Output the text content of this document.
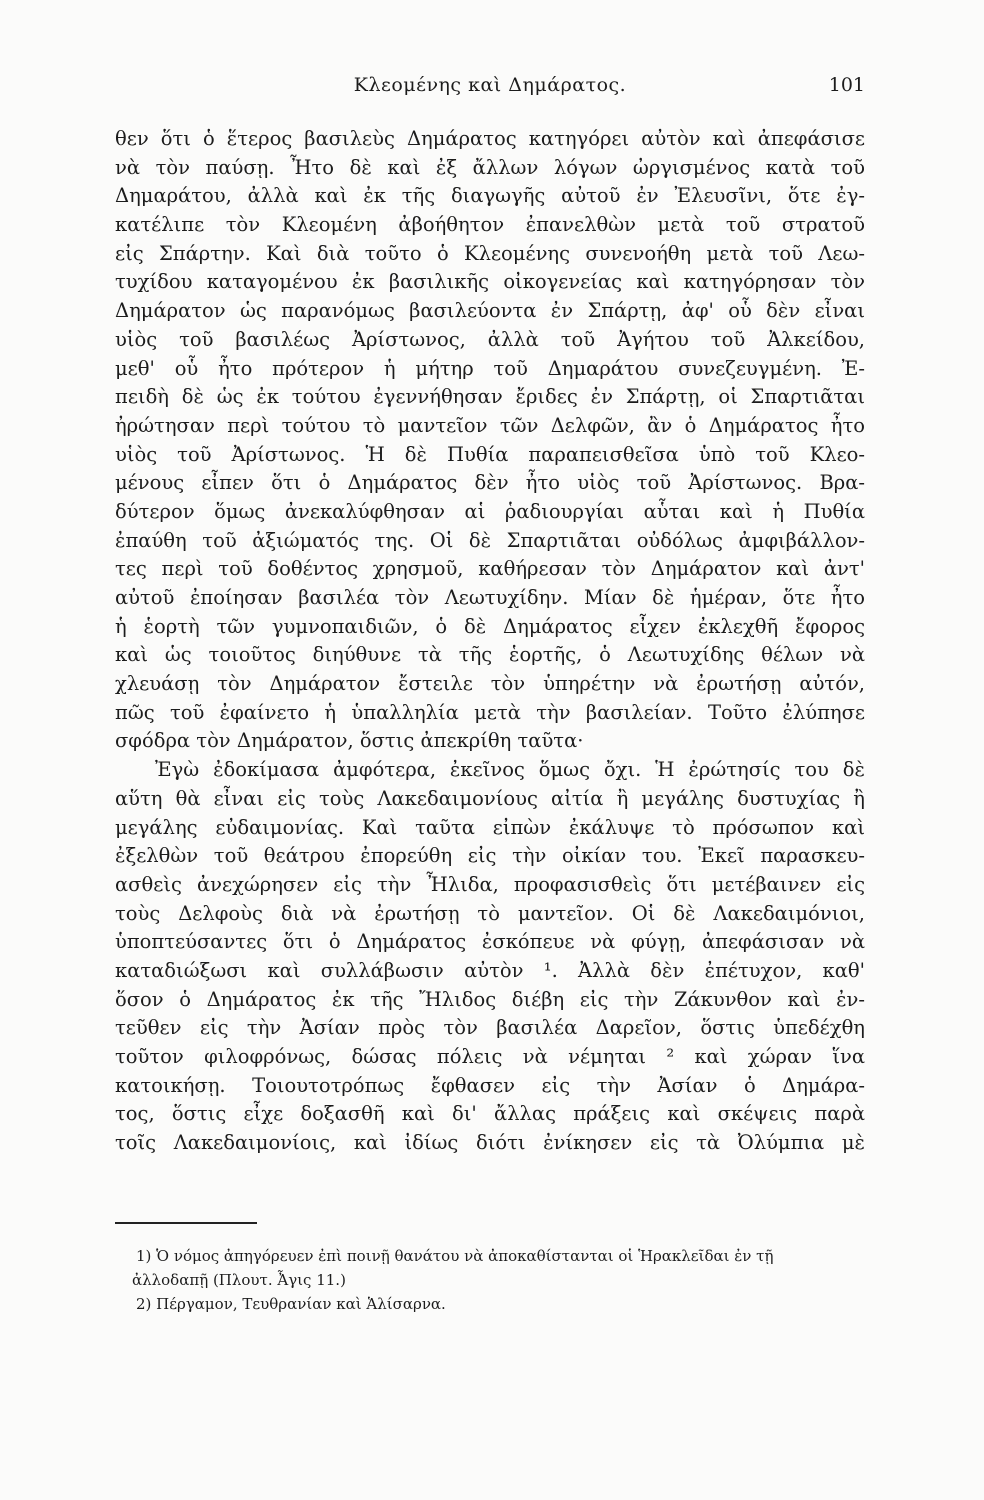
Κλεομένης καὶ Δημάρατος.	101
θεν ὅτι ὁ ἕτερος βασιλεὺς Δημάρατος κατηγόρει αὐτὸν καὶ ἀπεφάσισε
νὰ τὸν παύσῃ. Ἦτο δὲ καὶ ἐξ ἄλλων λόγων ὠργισμένος κατὰ τοῦ
Δημαράτου, ἀλλὰ καὶ ἐκ τῆς διαγωγῆς αὐτοῦ ἐν Ἐλευσῖνι, ὅτε ἐγ-
κατέλιπε τὸν Κλεομένη ἀβοήθητον ἐπανελθὼν μετὰ τοῦ στρατοῦ
εἰς Σπάρτην. Καὶ διὰ τοῦτο ὁ Κλεομένης συνενοήθη μετὰ τοῦ Λεω-
τυχίδου καταγομένου ἐκ βασιλικῆς οἰκογενείας καὶ κατηγόρησαν τὸν
Δημάρατον ὡς παρανόμως βασιλεύοντα ἐν Σπάρτῃ, ἀφ' οὗ δὲν εἶναι
υἱὸς τοῦ βασιλέως Ἀρίστωνος, ἀλλὰ τοῦ Ἀγήτου τοῦ Ἀλκείδου,
μεθ' οὗ ἦτο πρότερον ἡ μήτηρ τοῦ Δημαράτου συνεζευγμένη. Ἐ-
πειδὴ δὲ ὡς ἐκ τούτου ἐγεννήθησαν ἔριδες ἐν Σπάρτῃ, οἱ Σπαρτιᾶται
ἠρώτησαν περὶ τούτου τὸ μαντεῖον τῶν Δελφῶν, ἂν ὁ Δημάρατος ἦτο
υἱὸς τοῦ Ἀρίστωνος. Ἡ δὲ Πυθία παραπεισθεῖσα ὑπὸ τοῦ Κλεο-
μένους εἶπεν ὅτι ὁ Δημάρατος δὲν ἦτο υἱὸς τοῦ Ἀρίστωνος. Βρα-
δύτερον ὅμως ἀνεκαλύφθησαν αἱ ῥαδιουργίαι αὗται καὶ ἡ Πυθία
ἐπαύθη τοῦ ἀξιώματός της. Οἱ δὲ Σπαρτιᾶται οὐδόλως ἀμφιβάλλον-
τες περὶ τοῦ δοθέντος χρησμοῦ, καθήρεσαν τὸν Δημάρατον καὶ ἀντ'
αὐτοῦ ἐποίησαν βασιλέα τὸν Λεωτυχίδην. Μίαν δὲ ἡμέραν, ὅτε ἦτο
ἡ ἑορτὴ τῶν γυμνοπαιδιῶν, ὁ δὲ Δημάρατος εἶχεν ἐκλεχθῆ ἔφορος
καὶ ὡς τοιοῦτος διηύθυνε τὰ τῆς ἑορτῆς, ὁ Λεωτυχίδης θέλων νὰ
χλευάσῃ τὸν Δημάρατον ἔστειλε τὸν ὑπηρέτην νὰ ἐρωτήσῃ αὐτόν,
πῶς τοῦ ἐφαίνετο ἡ ὑπαλληλία μετὰ τὴν βασιλείαν. Τοῦτο ἐλύπησε
σφόδρα τὸν Δημάρατον, ὅστις ἀπεκρίθη ταῦτα·
Ἐγὼ ἐδοκίμασα ἀμφότερα, ἐκεῖνος ὅμως ὄχι. Ἡ ἐρώτησίς του δὲ
αὕτη θὰ εἶναι εἰς τοὺς Λακεδαιμονίους αἰτία ἢ μεγάλης δυστυχίας ἢ
μεγάλης εὐδαιμονίας. Καὶ ταῦτα εἰπὼν ἐκάλυψε τὸ πρόσωπον καὶ
ἐξελθὼν τοῦ θεάτρου ἐπορεύθη εἰς τὴν οἰκίαν του. Ἐκεῖ παρασκευ-
ασθεὶς ἀνεχώρησεν εἰς τὴν Ἦλιδα, προφασισθεὶς ὅτι μετέβαινεν εἰς
τοὺς Δελφοὺς διὰ νὰ ἐρωτήσῃ τὸ μαντεῖον. Οἱ δὲ Λακεδαιμόνιοι,
ὑποπτεύσαντες ὅτι ὁ Δημάρατος ἐσκόπευε νὰ φύγῃ, ἀπεφάσισαν νὰ
καταδιώξωσι καὶ συλλάβωσιν αὐτὸν ¹. Ἀλλὰ δὲν ἐπέτυχον, καθ'
ὅσον ὁ Δημάρατος ἐκ τῆς Ἤλιδος διέβη εἰς τὴν Ζάκυνθον καὶ ἐν-
τεῦθεν εἰς τὴν Ἀσίαν πρὸς τὸν βασιλέα Δαρεῖον, ὅστις ὑπεδέχθη
τοῦτον φιλοφρόνως, δώσας πόλεις νὰ νέμηται ² καὶ χώραν ἵνα
κατοικήσῃ. Τοιουτοτρόπως ἔφθασεν εἰς τὴν Ἀσίαν ὁ Δημάρα-
τος, ὅστις εἶχε δοξασθῆ καὶ δι' ἄλλας πράξεις καὶ σκέψεις παρὰ
τοῖς Λακεδαιμονίοις, καὶ ἰδίως διότι ἐνίκησεν εἰς τὰ Ὀλύμπια μὲ
1) Ὁ νόμος ἀπηγόρευεν ἐπὶ ποινῇ θανάτου νὰ ἀποκαθίστανται οἱ Ἡρακλεῖδαι ἐν τῇ
ἀλλοδαπῇ (Πλουτ. Ἆγις 11.)
2) Πέργαμον, Τευθρανίαν καὶ Ἁλίσαρνα.
